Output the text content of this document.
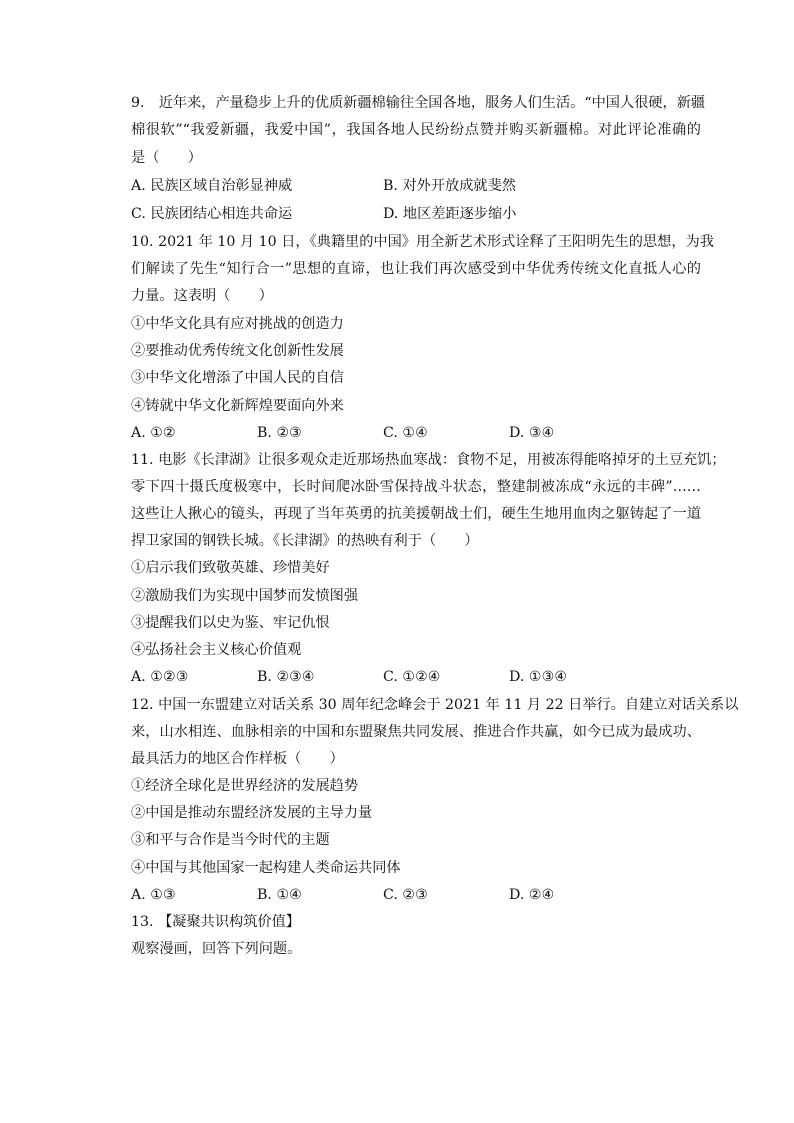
9.　近年来，产量稳步上升的优质新疆棉输往全国各地，服务人们生活。“中国人很硬，新疆
棉很软”“我爱新疆，我爱中国”，我国各地人民纷纷点赞并购买新疆棉。对此评论准确的
是（　　）
A. 民族区域自治彰显神威	B. 对外开放成就斐然
C. 民族团结心相连共命运	D. 地区差距逐步缩小
10. 2021 年 10 月 10 日，《典籍里的中国》用全新艺术形式诠释了王阳明先生的思想，为我
们解读了先生“知行合一”思想的直谛，也让我们再次感受到中华优秀传统文化直抵人心的
力量。这表明（　　）
①中华文化具有应对挑战的创造力
②要推动优秀传统文化创新性发展
③中华文化增添了中国人民的自信
④铸就中华文化新辉煌要面向外来
A. ①②	B. ②③	C. ①④	D. ③④
11. 电影《长津湖》让很多观众走近那场热血寒战：食物不足，用被冻得能咯掉牙的土豆充饥；
零下四十摄氏度极寒中，长时间爬冰卧雪保持战斗状态，整建制被冻成“永远的丰碑”……
这些让人揪心的镜头，再现了当年英勇的抗美援朝战士们，硬生生地用血肉之躯铸起了一道
捍卫家国的钢铁长城。《长津湖》的热映有利于（　　）
①启示我们致敬英雄、珍惜美好
②激励我们为实现中国梦而发愤图强
③提醒我们以史为鉴、牢记仇恨
④弘扬社会主义核心价值观
A. ①②③	B. ②③④	C. ①②④	D. ①③④
12. 中国一东盟建立对话关系 30 周年纪念峰会于 2021 年 11 月 22 日举行。自建立对话关系以
来，山水相连、血脉相亲的中国和东盟聚焦共同发展、推进合作共赢，如今已成为最成功、
最具活力的地区合作样板（　　）
①经济全球化是世界经济的发展趋势
②中国是推动东盟经济发展的主导力量
③和平与合作是当今时代的主题
④中国与其他国家一起构建人类命运共同体
A. ①③	B. ①④	C. ②③	D. ②④
13. 【凝聚共识构筑价值】
观察漫画，回答下列问题。
